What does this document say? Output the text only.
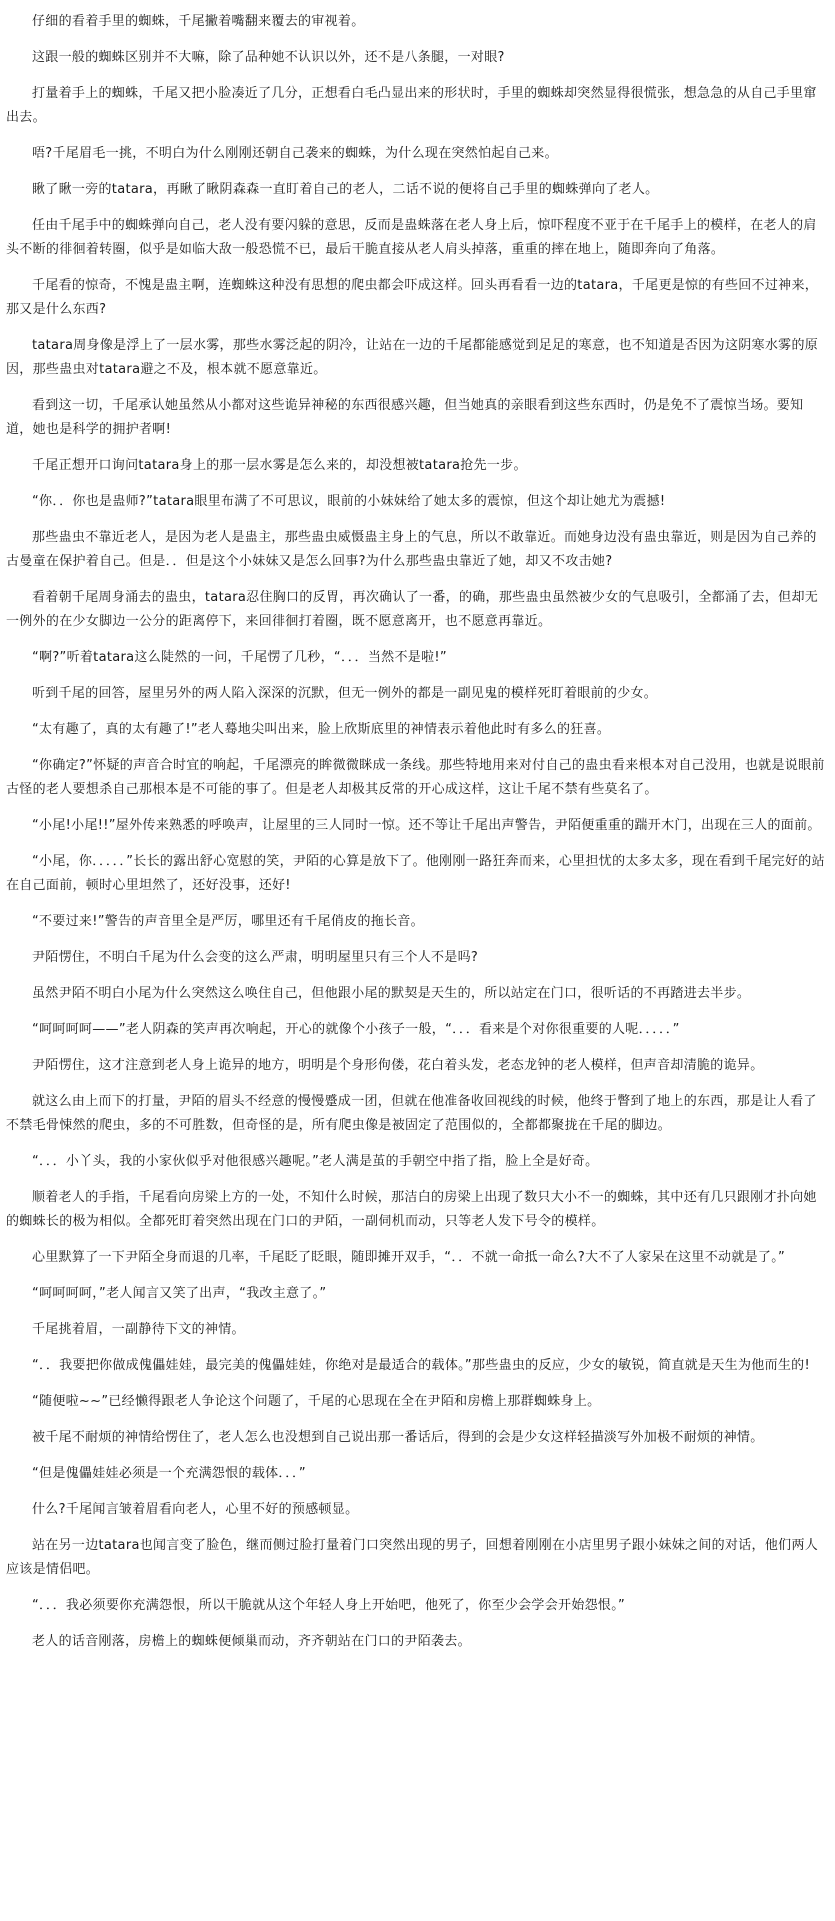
仔细的看着手里的蜘蛛，千尾撇着嘴翻来覆去的审视着。

这跟一般的蜘蛛区别并不大嘛，除了品种她不认识以外，还不是八条腿，一对眼?

打量着手上的蜘蛛，千尾又把小脸凑近了几分，正想看白毛凸显出来的形状时，手里的蜘蛛却突然显得很慌张，想急急的从自己手里窜出去。

唔?千尾眉毛一挑，不明白为什么刚刚还朝自己袭来的蜘蛛，为什么现在突然怕起自己来。

瞅了瞅一旁的tatara，再瞅了瞅阴森森一直盯着自己的老人，二话不说的便将自己手里的蜘蛛弹向了老人。

任由千尾手中的蜘蛛弹向自己，老人没有要闪躲的意思，反而是蛊蛛落在老人身上后，惊吓程度不亚于在千尾手上的模样，在老人的肩头不断的徘徊着转圈，似乎是如临大敌一般恐慌不已，最后干脆直接从老人肩头掉落，重重的摔在地上，随即奔向了角落。

千尾看的惊奇，不愧是蛊主啊，连蜘蛛这种没有思想的爬虫都会吓成这样。回头再看看一边的tatara，千尾更是惊的有些回不过神来，那又是什么东西?

tatara周身像是浮上了一层水雾，那些水雾泛起的阴冷，让站在一边的千尾都能感觉到足足的寒意，也不知道是否因为这阴寒水雾的原因，那些蛊虫对tatara避之不及，根本就不愿意靠近。

看到这一切，千尾承认她虽然从小都对这些诡异神秘的东西很感兴趣，但当她真的亲眼看到这些东西时，仍是免不了震惊当场。要知道，她也是科学的拥护者啊!

千尾正想开口询问tatara身上的那一层水雾是怎么来的，却没想被tatara抢先一步。

“你．．你也是蛊师?”tatara眼里布满了不可思议，眼前的小妹妹给了她太多的震惊，但这个却让她尤为震撼!

那些蛊虫不靠近老人，是因为老人是蛊主，那些蛊虫威慑蛊主身上的气息，所以不敢靠近。而她身边没有蛊虫靠近，则是因为自己养的古曼童在保护着自己。但是．．但是这个小妹妹又是怎么回事?为什么那些蛊虫靠近了她，却又不攻击她?

看着朝千尾周身涌去的蛊虫，tatara忍住胸口的反胃，再次确认了一番，的确，那些蛊虫虽然被少女的气息吸引，全都涌了去，但却无一例外的在少女脚边一公分的距离停下，来回徘徊打着圈，既不愿意离开，也不愿意再靠近。

“啊?”听着tatara这么陡然的一问，千尾愣了几秒，“．．．当然不是啦!”

听到千尾的回答，屋里另外的两人陷入深深的沉默，但无一例外的都是一副见鬼的模样死盯着眼前的少女。

“太有趣了，真的太有趣了!”老人蓦地尖叫出来，脸上欣斯底里的神情表示着他此时有多么的狂喜。

“你确定?”怀疑的声音合时宜的响起，千尾漂亮的眸微微眯成一条线。那些特地用来对付自己的蛊虫看来根本对自己没用，也就是说眼前古怪的老人要想杀自己那根本是不可能的事了。但是老人却极其反常的开心成这样，这让千尾不禁有些莫名了。

“小尾!小尾!!”屋外传来熟悉的呼唤声，让屋里的三人同时一惊。还不等让千尾出声警告，尹陌便重重的踹开木门，出现在三人的面前。

“小尾，你．．．．．”长长的露出舒心宽慰的笑，尹陌的心算是放下了。他刚刚一路狂奔而来，心里担忧的太多太多，现在看到千尾完好的站在自己面前，顿时心里坦然了，还好没事，还好!

“不要过来!”警告的声音里全是严厉，哪里还有千尾俏皮的拖长音。

尹陌愣住，不明白千尾为什么会变的这么严肃，明明屋里只有三个人不是吗?

虽然尹陌不明白小尾为什么突然这么唤住自己，但他跟小尾的默契是天生的，所以站定在门口，很听话的不再踏进去半步。

“呵呵呵呵——”老人阴森的笑声再次响起，开心的就像个小孩子一般，“．．．看来是个对你很重要的人呢．．．．．”

尹陌愣住，这才注意到老人身上诡异的地方，明明是个身形佝偻，花白着头发，老态龙钟的老人模样，但声音却清脆的诡异。

就这么由上而下的打量，尹陌的眉头不经意的慢慢蹙成一团，但就在他准备收回视线的时候，他终于瞥到了地上的东西，那是让人看了不禁毛骨悚然的爬虫，多的不可胜数，但奇怪的是，所有爬虫像是被固定了范围似的，全都都聚拢在千尾的脚边。

“．．．小丫头，我的小家伙似乎对他很感兴趣呢。”老人满是茧的手朝空中指了指，脸上全是好奇。

顺着老人的手指，千尾看向房梁上方的一处，不知什么时候，那洁白的房梁上出现了数只大小不一的蜘蛛，其中还有几只跟刚才扑向她的蜘蛛长的极为相似。全都死盯着突然出现在门口的尹陌，一副伺机而动，只等老人发下号令的模样。

心里默算了一下尹陌全身而退的几率，千尾眨了眨眼，随即摊开双手，“．．不就一命抵一命么?大不了人家呆在这里不动就是了。”

“呵呵呵呵，”老人闻言又笑了出声，“我改主意了。”

千尾挑着眉，一副静待下文的神情。

“．．我要把你做成傀儡娃娃，最完美的傀儡娃娃，你绝对是最适合的载体。”那些蛊虫的反应，少女的敏锐，简直就是天生为他而生的!

“随便啦~~”已经懒得跟老人争论这个问题了，千尾的心思现在全在尹陌和房檐上那群蜘蛛身上。

被千尾不耐烦的神情给愣住了，老人怎么也没想到自己说出那一番话后，得到的会是少女这样轻描淡写外加极不耐烦的神情。

“但是傀儡娃娃必须是一个充满怨恨的载体．．．”

什么?千尾闻言皱着眉看向老人，心里不好的预感顿显。

站在另一边tatara也闻言变了脸色，继而侧过脸打量着门口突然出现的男子，回想着刚刚在小店里男子跟小妹妹之间的对话，他们两人应该是情侣吧。

“．．．我必须要你充满怨恨，所以干脆就从这个年轻人身上开始吧，他死了，你至少会学会开始怨恨。”

老人的话音刚落，房檐上的蜘蛛便倾巢而动，齐齐朝站在门口的尹陌袭去。
